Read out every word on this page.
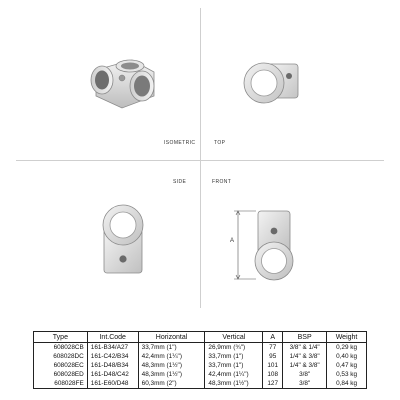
ISOMETRIC	TOP
SIDE	FRONT
A
Type	Int.Code	Horizontal	Vertical	A	BSP	Weight
608028CB	161-B34/A27	33,7mm (1")	26,9mm (¾")	77	3/8" & 1/4"	0,29 kg
608028DC	161-C42/B34	42,4mm (1¼")	33,7mm (1")	95	1/4" & 3/8"	0,40 kg
608028EC	161-D48/B34	48,3mm (1½")	33,7mm (1")	101	1/4" & 3/8"	0,47 kg
608028ED	161-D48/C42	48,3mm (1½")	42,4mm (1¼")	108	3/8"	0,53 kg
608028FE	161-E60/D48	60,3mm (2")	48,3mm (1½")	127	3/8"	0,84 kg
